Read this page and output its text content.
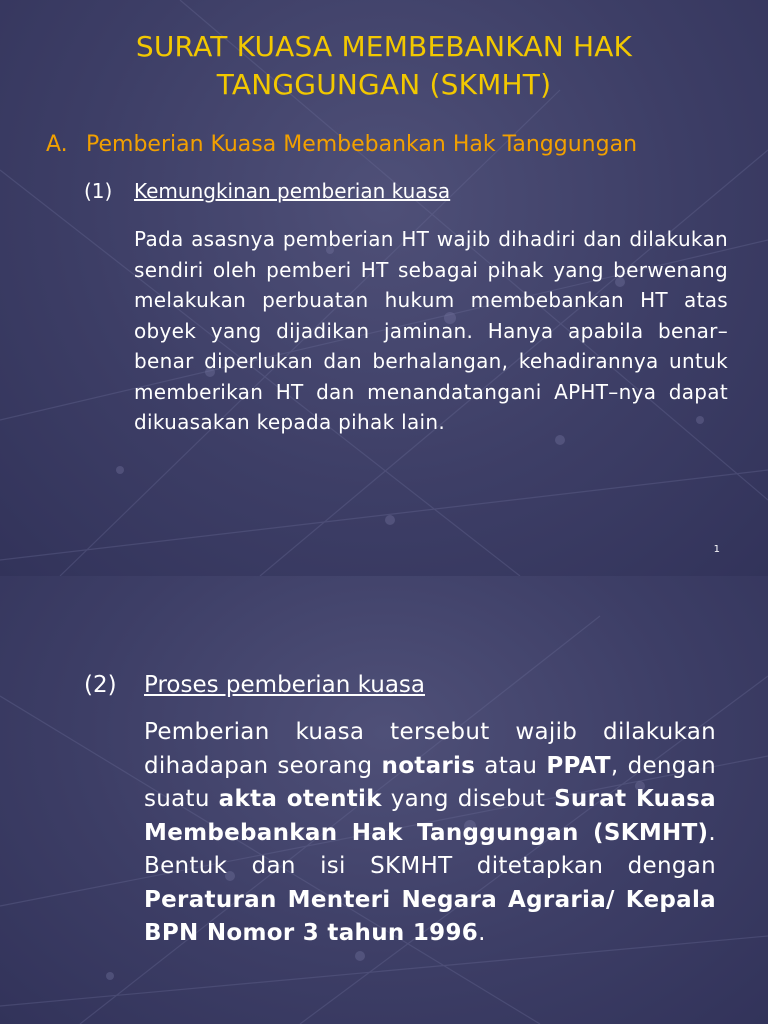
SURAT KUASA MEMBEBANKAN HAK
TANGGUNGAN (SKMHT)
A. Pemberian Kuasa Membebankan Hak Tanggungan
(1) Kemungkinan pemberian kuasa

Pada asasnya pemberian HT wajib dihadiri dan dilakukan sendiri oleh pemberi HT sebagai pihak yang berwenang melakukan perbuatan hukum membebankan HT atas obyek yang dijadikan jaminan. Hanya apabila benar–benar diperlukan dan berhalangan, kehadirannya untuk memberikan HT dan menandatangani APHT–nya dapat dikuasakan kepada pihak lain.

1
(2) Proses pemberian kuasa

Pemberian kuasa tersebut wajib dilakukan dihadapan seorang notaris atau PPAT, dengan suatu akta otentik yang disebut Surat Kuasa Membebankan Hak Tanggungan (SKMHT). Bentuk dan isi SKMHT ditetapkan dengan Peraturan Menteri Negara Agraria/ Kepala BPN Nomor 3 tahun 1996.
